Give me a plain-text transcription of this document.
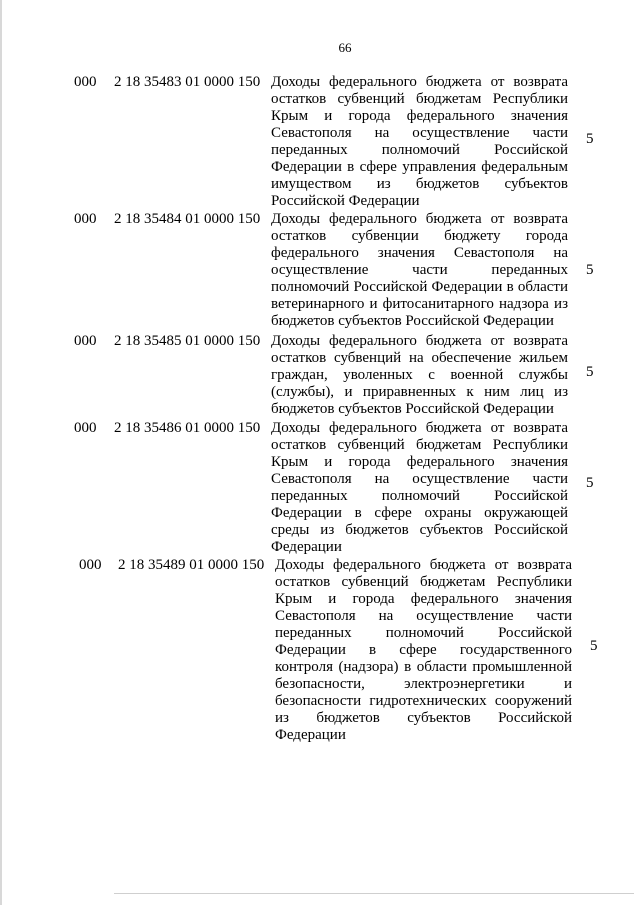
66
000 2 18 35483 01 0000 150 Доходы федерального бюджета от возврата остатков субвенций бюджетам Республики Крым и города федерального значения Севастополя на осуществление части переданных полномочий Российской Федерации в сфере управления федеральным имуществом из бюджетов субъектов Российской Федерации
5
000 2 18 35484 01 0000 150 Доходы федерального бюджета от возврата остатков субвенции бюджету города федерального значения Севастополя на осуществление части переданных полномочий Российской Федерации в области ветеринарного и фитосанитарного надзора из бюджетов субъектов Российской Федерации
5
000 2 18 35485 01 0000 150 Доходы федерального бюджета от возврата остатков субвенций на обеспечение жильем граждан, уволенных с военной службы (службы), и приравненных к ним лиц из бюджетов субъектов Российской Федерации
5
000 2 18 35486 01 0000 150 Доходы федерального бюджета от возврата остатков субвенций бюджетам Республики Крым и города федерального значения Севастополя на осуществление части переданных полномочий Российской Федерации в сфере охраны окружающей среды из бюджетов субъектов Российской Федерации
5
000 2 18 35489 01 0000 150 Доходы федерального бюджета от возврата остатков субвенций бюджетам Республики Крым и города федерального значения Севастополя на осуществление части переданных полномочий Российской Федерации в сфере государственного контроля (надзора) в области промышленной безопасности, электроэнергетики и безопасности гидротехнических сооружений из бюджетов субъектов Российской Федерации
5
